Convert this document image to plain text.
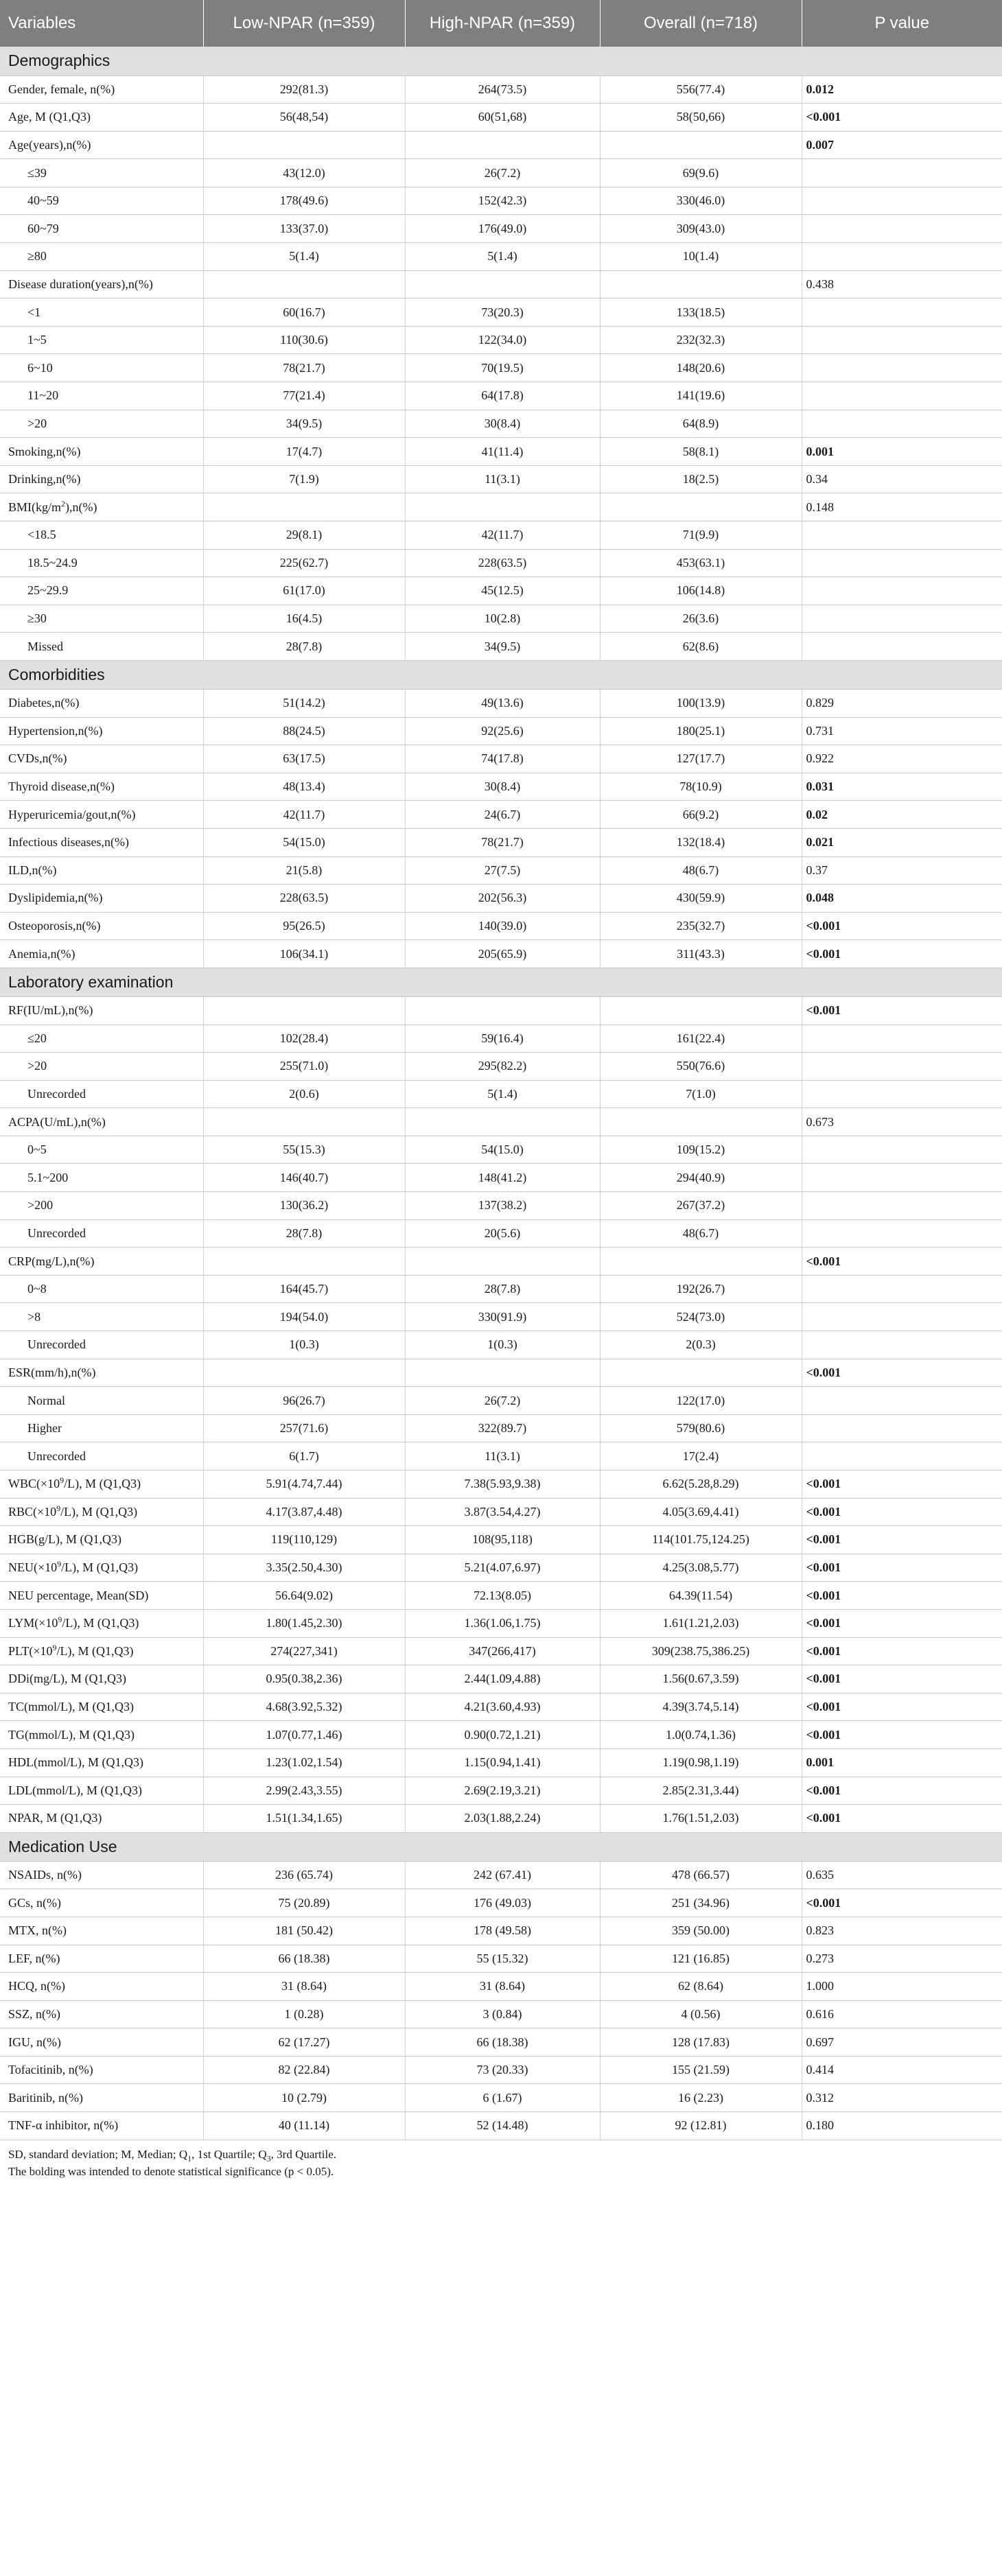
Variables	Low-NPAR (n=359)	High-NPAR (n=359)	Overall (n=718)	P value
Demographics				
Gender, female, n(%)	292(81.3)	264(73.5)	556(77.4)	0.012
Age, M (Q1,Q3)	56(48,54)	60(51,68)	58(50,66)	<0.001
Age(years),n(%)				0.007
≤39	43(12.0)	26(7.2)	69(9.6)	
40~59	178(49.6)	152(42.3)	330(46.0)	
60~79	133(37.0)	176(49.0)	309(43.0)	
≥80	5(1.4)	5(1.4)	10(1.4)	
Disease duration(years),n(%)				0.438
<1	60(16.7)	73(20.3)	133(18.5)	
1~5	110(30.6)	122(34.0)	232(32.3)	
6~10	78(21.7)	70(19.5)	148(20.6)	
11~20	77(21.4)	64(17.8)	141(19.6)	
>20	34(9.5)	30(8.4)	64(8.9)	
Smoking,n(%)	17(4.7)	41(11.4)	58(8.1)	0.001
Drinking,n(%)	7(1.9)	11(3.1)	18(2.5)	0.34
$BMI(kg/m^2),n(\%)$				0.148
<18.5	29(8.1)	42(11.7)	71(9.9)	
18.5~24.9	225(62.7)	228(63.5)	453(63.1)	
25~29.9	61(17.0)	45(12.5)	106(14.8)	
≥30	16(4.5)	10(2.8)	26(3.6)	
Missed	28(7.8)	34(9.5)	62(8.6)	
Comorbidities				
Diabetes,n(%)	51(14.2)	49(13.6)	100(13.9)	0.829
Hypertension,n(%)	88(24.5)	92(25.6)	180(25.1)	0.731
CVDs,n(%)	63(17.5)	74(17.8)	127(17.7)	0.922
Thyroid disease,n(%)	48(13.4)	30(8.4)	78(10.9)	0.031
Hyperuricemia/gout,n(%)	42(11.7)	24(6.7)	66(9.2)	0.02
Infectious diseases,n(%)	54(15.0)	78(21.7)	132(18.4)	0.021
ILD,n(%)	21(5.8)	27(7.5)	48(6.7)	0.37
Dyslipidemia,n(%)	228(63.5)	202(56.3)	430(59.9)	0.048
Osteoporosis,n(%)	95(26.5)	140(39.0)	235(32.7)	<0.001
Anemia,n(%)	106(34.1)	205(65.9)	311(43.3)	<0.001
Laboratory examination				
RF(IU/mL),n(%)				<0.001
≤20	102(28.4)	59(16.4)	161(22.4)	
>20	255(71.0)	295(82.2)	550(76.6)	
Unrecorded	2(0.6)	5(1.4)	7(1.0)	
ACPA(U/mL),n(%)				0.673
0~5	55(15.3)	54(15.0)	109(15.2)	
5.1~200	146(40.7)	148(41.2)	294(40.9)	
>200	130(36.2)	137(38.2)	267(37.2)	
Unrecorded	28(7.8)	20(5.6)	48(6.7)	
CRP(mg/L),n(%)				<0.001
0~8	164(45.7)	28(7.8)	192(26.7)	
>8	194(54.0)	330(91.9)	524(73.0)	
Unrecorded	1(0.3)	1(0.3)	2(0.3)	
ESR(mm/h),n(%)				<0.001
Normal	96(26.7)	26(7.2)	122(17.0)	
Higher	257(71.6)	322(89.7)	579(80.6)	
Unrecorded	6(1.7)	11(3.1)	17(2.4)	
$WBC(\times 10^9/L)$, M (Q1,Q3)	5.91(4.74,7.44)	7.38(5.93,9.38)	6.62(5.28,8.29)	<0.001
$RBC(\times 10^9/L)$, M (Q1,Q3)	4.17(3.87,4.48)	3.87(3.54,4.27)	4.05(3.69,4.41)	<0.001
HGB(g/L), M (Q1,Q3)	119(110,129)	108(95,118)	114(101.75,124.25)	<0.001
$NEU(\times 10^9/L)$, M (Q1,Q3)	3.35(2.50,4.30)	5.21(4.07,6.97)	4.25(3.08,5.77)	<0.001
NEU percentage, Mean(SD)	56.64(9.02)	72.13(8.05)	64.39(11.54)	<0.001
$LYM(\times 10^9/L)$, M (Q1,Q3)	1.80(1.45,2.30)	1.36(1.06,1.75)	1.61(1.21,2.03)	<0.001
$PLT(\times 10^9/L)$, M (Q1,Q3)	274(227,341)	347(266,417)	309(238.75,386.25)	<0.001
DDi(mg/L), M (Q1,Q3)	0.95(0.38,2.36)	2.44(1.09,4.88)	1.56(0.67,3.59)	<0.001
TC(mmol/L), M (Q1,Q3)	4.68(3.92,5.32)	4.21(3.60,4.93)	4.39(3.74,5.14)	<0.001
TG(mmol/L), M (Q1,Q3)	1.07(0.77,1.46)	0.90(0.72,1.21)	1.0(0.74,1.36)	<0.001
HDL(mmol/L), M (Q1,Q3)	1.23(1.02,1.54)	1.15(0.94,1.41)	1.19(0.98,1.19)	0.001
LDL(mmol/L), M (Q1,Q3)	2.99(2.43,3.55)	2.69(2.19,3.21)	2.85(2.31,3.44)	<0.001
NPAR, M (Q1,Q3)	1.51(1.34,1.65)	2.03(1.88,2.24)	1.76(1.51,2.03)	<0.001
Medication Use				
NSAIDs, n(%)	236 (65.74)	242 (67.41)	478 (66.57)	0.635
GCs, n(%)	75 (20.89)	176 (49.03)	251 (34.96)	<0.001
MTX, n(%)	181 (50.42)	178 (49.58)	359 (50.00)	0.823
LEF, n(%)	66 (18.38)	55 (15.32)	121 (16.85)	0.273
HCQ, n(%)	31 (8.64)	31 (8.64)	62 (8.64)	1.000
SSZ, n(%)	1 (0.28)	3 (0.84)	4 (0.56)	0.616
IGU, n(%)	62 (17.27)	66 (18.38)	128 (17.83)	0.697
Tofacitinib, n(%)	82 (22.84)	73 (20.33)	155 (21.59)	0.414
Baritinib, n(%)	10 (2.79)	6 (1.67)	16 (2.23)	0.312
TNF-α inhibitor, n(%)	40 (11.14)	52 (14.48)	92 (12.81)	0.180
SD, standard deviation; M, Median; $Q_1$, 1st Quartile; $Q_3$, 3rd Quartile.
The bolding was intended to denote statistical significance (p < 0.05).
